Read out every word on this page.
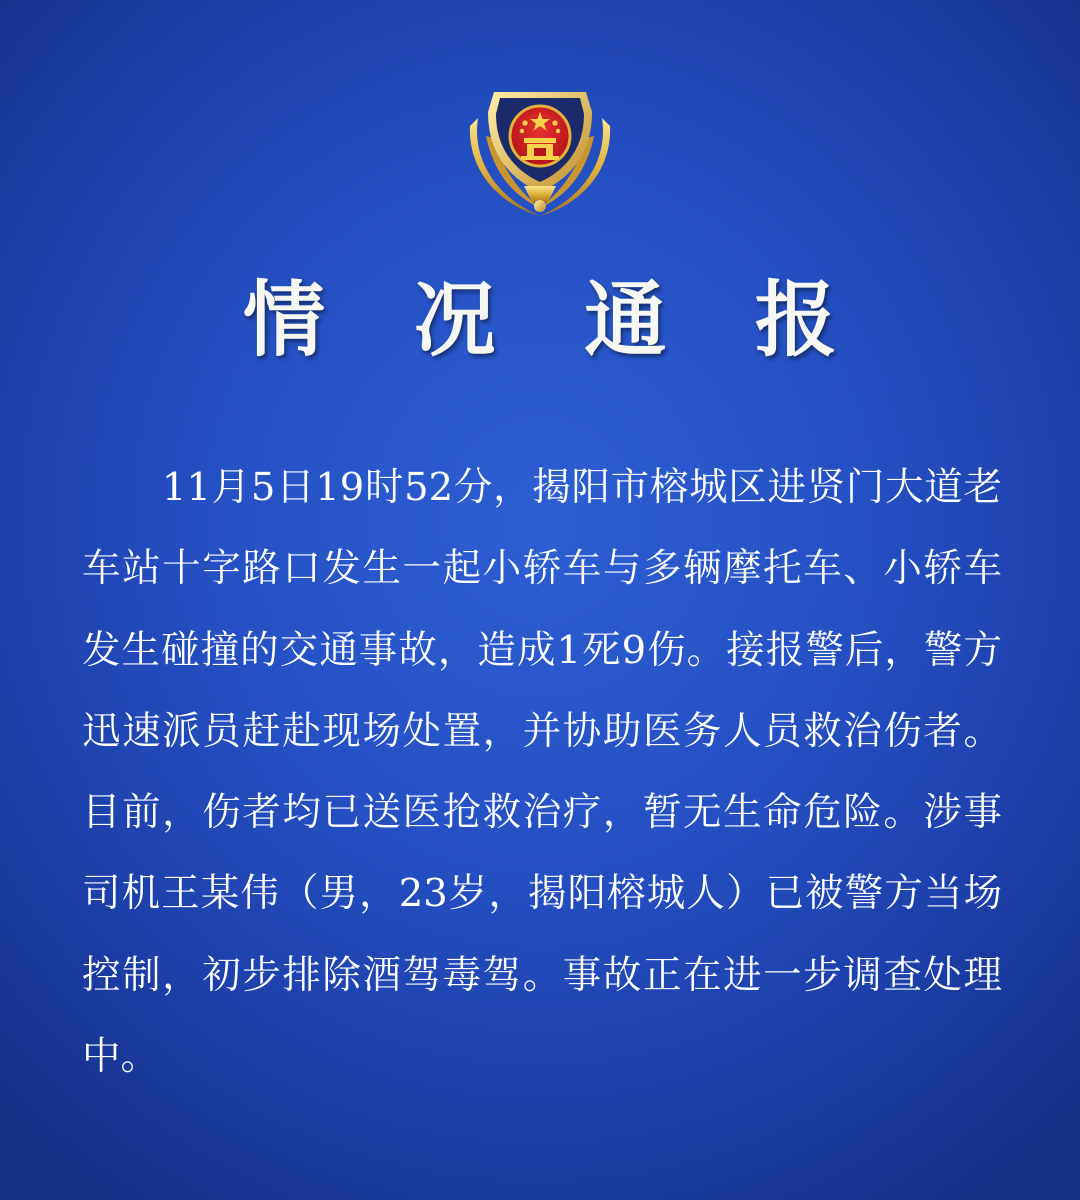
情 况 通 报

11月5日19时52分，揭阳市榕城区进贤门大道老车站十字路口发生一起小轿车与多辆摩托车、小轿车发生碰撞的交通事故，造成1死9伤。接报警后，警方迅速派员赶赴现场处置，并协助医务人员救治伤者。目前，伤者均已送医抢救治疗，暂无生命危险。涉事司机王某伟（男，23岁，揭阳榕城人）已被警方当场控制，初步排除酒驾毒驾。事故正在进一步调查处理中。
